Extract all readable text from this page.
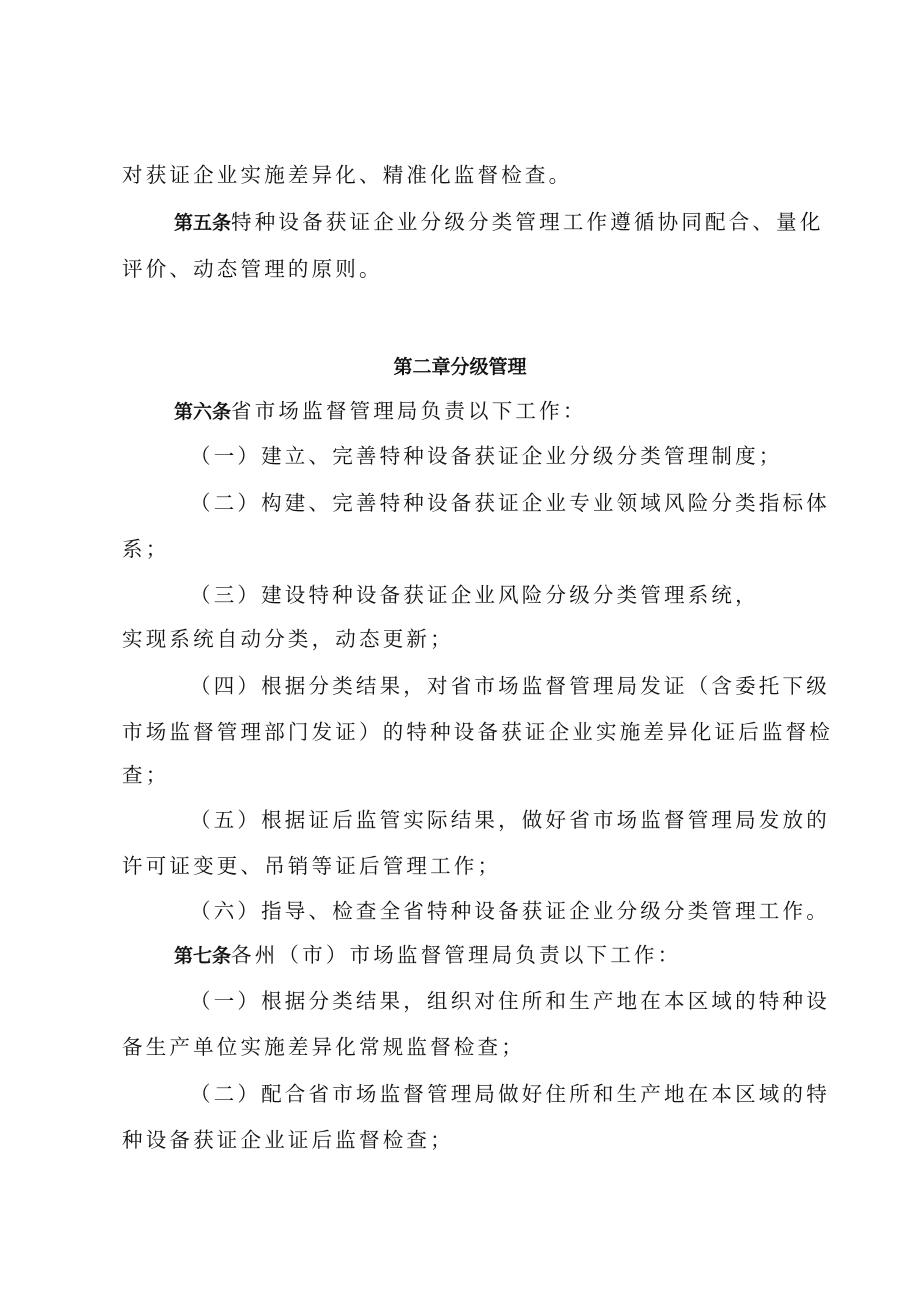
对获证企业实施差异化、精准化监督检查。
第五条特种设备获证企业分级分类管理工作遵循协同配合、量化
评价、动态管理的原则。
第二章分级管理
第六条省市场监督管理局负责以下工作：
（一）建立、完善特种设备获证企业分级分类管理制度；
（二）构建、完善特种设备获证企业专业领域风险分类指标体
系；
（三）建设特种设备获证企业风险分级分类管理系统，
实现系统自动分类，动态更新；
（四）根据分类结果，对省市场监督管理局发证（含委托下级
市场监督管理部门发证）的特种设备获证企业实施差异化证后监督检
查；
（五）根据证后监管实际结果，做好省市场监督管理局发放的
许可证变更、吊销等证后管理工作；
（六）指导、检查全省特种设备获证企业分级分类管理工作。
第七条各州（市）市场监督管理局负责以下工作：
（一）根据分类结果，组织对住所和生产地在本区域的特种设
备生产单位实施差异化常规监督检查；
（二）配合省市场监督管理局做好住所和生产地在本区域的特
种设备获证企业证后监督检查；
